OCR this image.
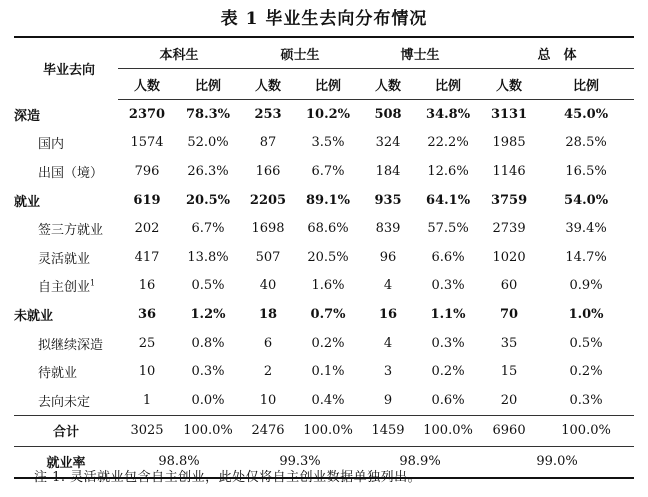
表 1 毕业生去向分布情况
毕业去向	本科生		硕士生		博士生		总　体	
	人数	比例	人数	比例	人数	比例	人数	比例
深造	2370	78.3%	253	10.2%	508	34.8%	3131	45.0%
国内	1574	52.0%	87	3.5%	324	22.2%	1985	28.5%
出国（境）	796	26.3%	166	6.7%	184	12.6%	1146	16.5%
就业	619	20.5%	2205	89.1%	935	64.1%	3759	54.0%
签三方就业	202	6.7%	1698	68.6%	839	57.5%	2739	39.4%
灵活就业	417	13.8%	507	20.5%	96	6.6%	1020	14.7%
自主创业$^1$	16	0.5%	40	1.6%	4	0.3%	60	0.9%
未就业	36	1.2%	18	0.7%	16	1.1%	70	1.0%
拟继续深造	25	0.8%	6	0.2%	4	0.3%	35	0.5%
待就业	10	0.3%	2	0.1%	3	0.2%	15	0.2%
去向未定	1	0.0%	10	0.4%	9	0.6%	20	0.3%
合计	3025	100.0%	2476	100.0%	1459	100.0%	6960	100.0%
就业率	98.8%		99.3%		98.9%		99.0%	
注 1. 灵活就业包含自主创业，此处仅将自主创业数据单独列出。
